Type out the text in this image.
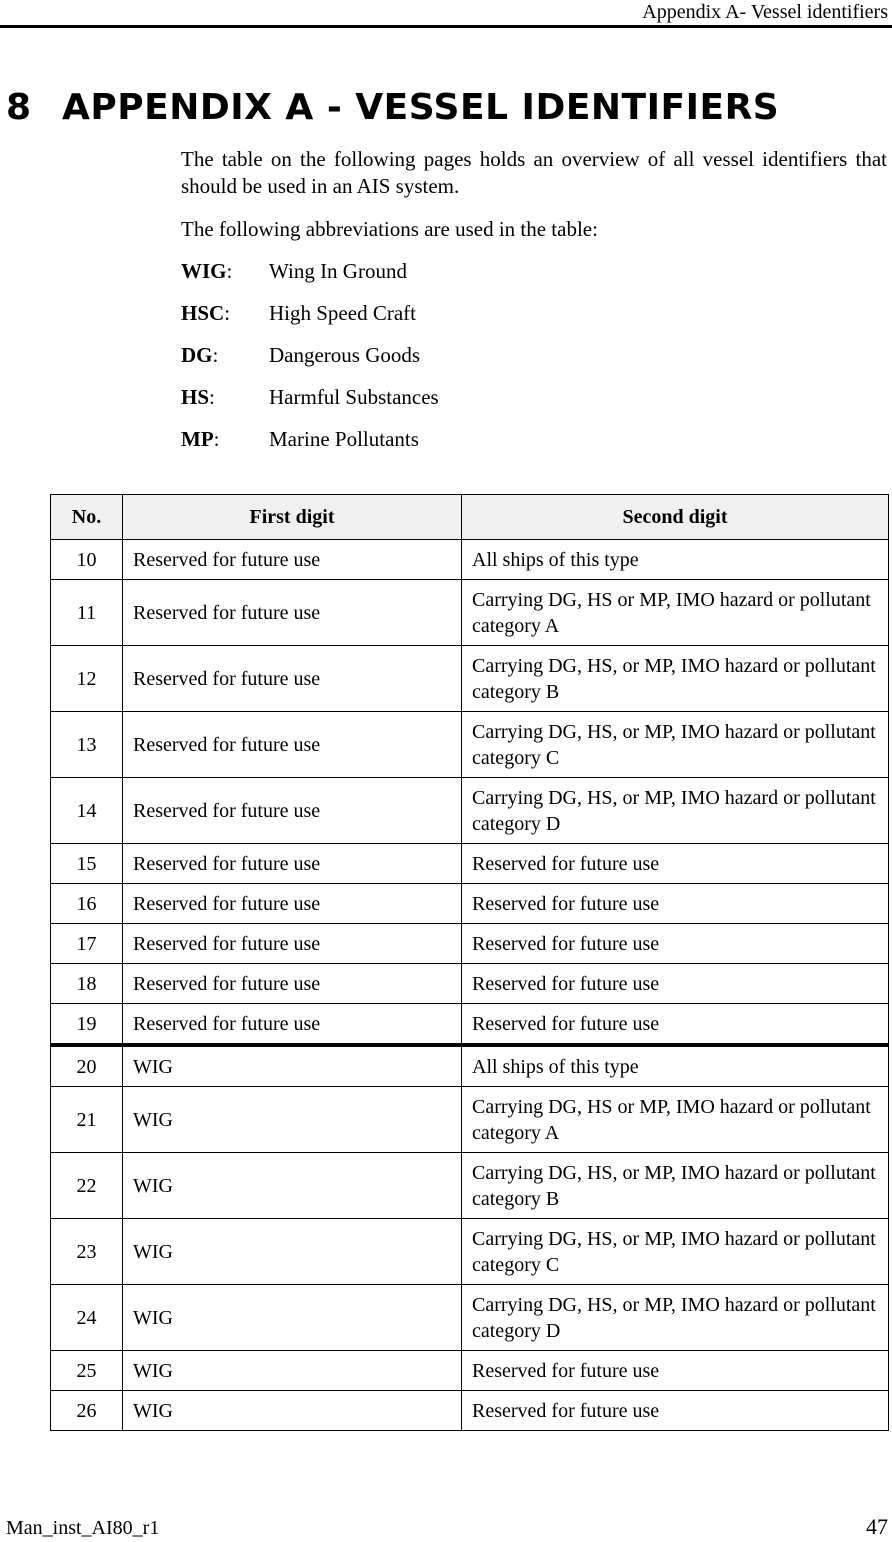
Appendix A- Vessel identifiers
8 APPENDIX A - VESSEL IDENTIFIERS

The table on the following pages holds an overview of all vessel identifiers that should be used in an AIS system.

The following abbreviations are used in the table:

WIG: Wing In Ground
HSC: High Speed Craft
DG: Dangerous Goods
HS:	Harmful Substances
MP: Marine Pollutants
No.	First digit	Second digit
10	Reserved for future use	All ships of this type
11	Reserved for future use	Carrying DG, HS or MP, IMO hazard or pollutant category A
12	Reserved for future use	Carrying DG, HS, or MP, IMO hazard or pollutant category B
13	Reserved for future use	Carrying DG, HS, or MP, IMO hazard or pollutant category C
14	Reserved for future use	Carrying DG, HS, or MP, IMO hazard or pollutant category D
15	Reserved for future use	Reserved for future use
16	Reserved for future use	Reserved for future use
17	Reserved for future use	Reserved for future use
18	Reserved for future use	Reserved for future use
19	Reserved for future use	Reserved for future use
20	WIG	All ships of this type
21	WIG	Carrying DG, HS or MP, IMO hazard or pollutant category A
22	WIG	Carrying DG, HS, or MP, IMO hazard or pollutant category B
23	WIG	Carrying DG, HS, or MP, IMO hazard or pollutant category C
24	WIG	Carrying DG, HS, or MP, IMO hazard or pollutant category D
25	WIG	Reserved for future use
26	WIG	Reserved for future use
Man_inst_AI80_r1	47
